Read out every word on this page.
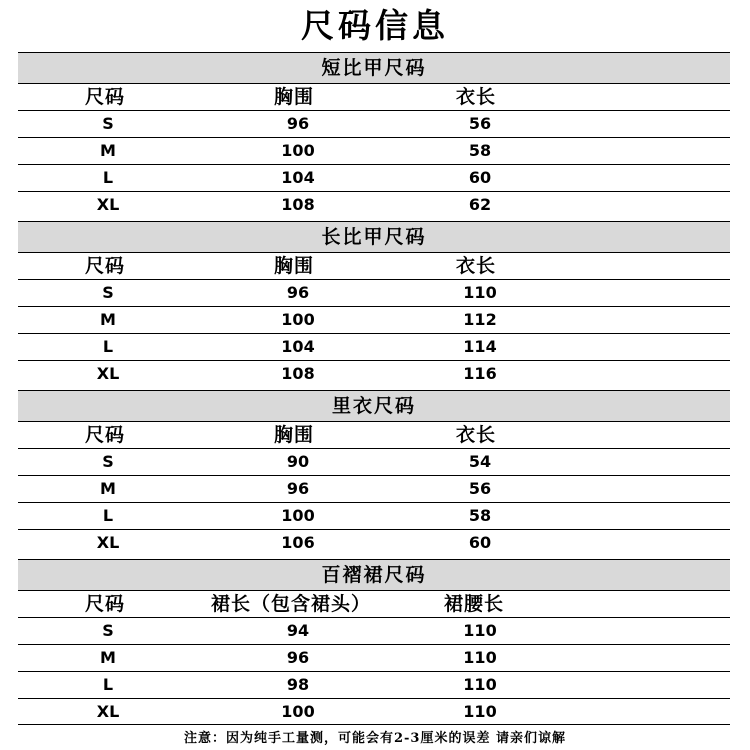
尺码信息
短比甲尺码
尺码	胸围	衣长
S	96	56
M	100	58
L	104	60
XL	108	62
长比甲尺码
尺码	胸围	衣长
S	96	110
M	100	112
L	104	114
XL	108	116
里衣尺码
尺码	胸围	衣长
S	90	54
M	96	56
L	100	58
XL	106	60
百褶裙尺码
尺码	裙长（包含裙头）	裙腰长
S	94	110
M	96	110
L	98	110
XL	100	110
注意：因为纯手工量测，可能会有2-3厘米的误差 请亲们谅解
